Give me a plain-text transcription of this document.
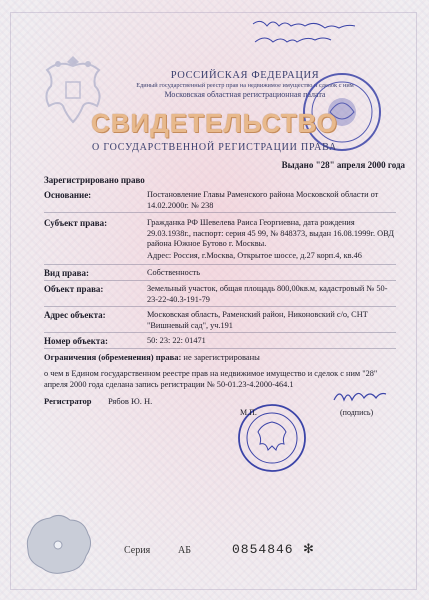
РОССИЙСКАЯ ФЕДЕРАЦИЯ
Единый государственный реестр прав на недвижимое имущество и сделок с ним
Московская областная регистрационная палата
СВИДЕТЕЛЬСТВО
О ГОСУДАРСТВЕННОЙ РЕГИСТРАЦИИ ПРАВА
Выдано "28" апреля 2000 года
Зарегистрировано право
Основание:	Постановление Главы Раменского района Московской области от 14.02.2000г. № 238
Субъект права:	Гражданка РФ Шевелева Раиса Георгиевна, дата рождения 29.03.1938г., паспорт: серия 45 99, № 848373, выдан 16.08.1999г. ОВД района Южное Бутово г. Москвы.
Адрес: Россия, г.Москва, Открытое шоссе, д.27 корп.4, кв.46
Вид права:	Собственность
Объект права:	Земельный участок, общая площадь 800,00кв.м, кадастровый № 50-23-22-40.3-191-79
Адрес объекта:	Московская область, Раменский район, Никоновский с/о, СНТ "Вишневый сад", уч.191
Номер объекта:	50: 23: 22: 01471
Ограничения (обременения) права: не зарегистрированы
о чем в Едином государственном реестре прав на недвижимое имущество и сделок с ним "28" апреля 2000 года сделана запись регистрации № 50-01.23-4.2000-464.1
Регистратор Рябов Ю. Н.
М.П.	(подпись)
Серия	АБ	0854846 ✻
